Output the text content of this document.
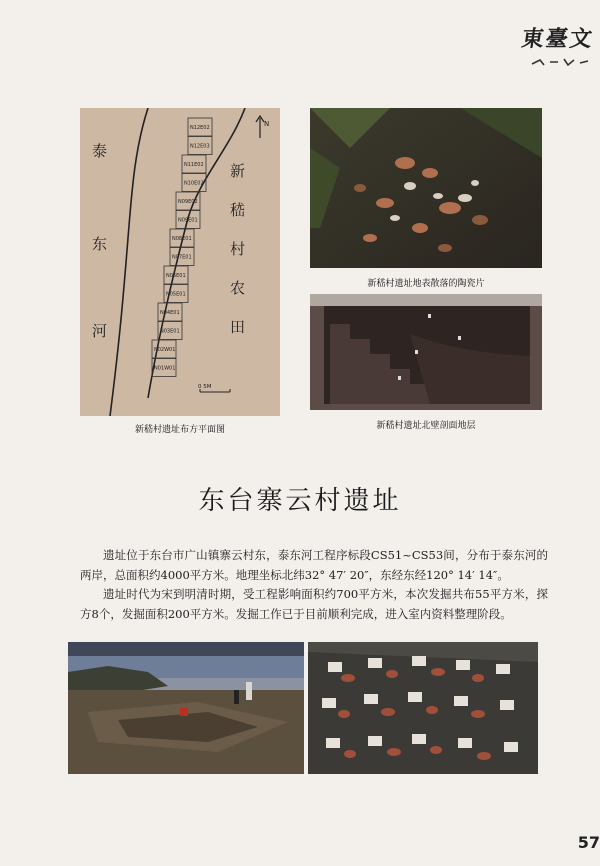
東臺文
N
N12E02
N12E03
N11E02
N10E02
N09E02
N09E01
N08E01
N07E01
N06E01
N05E01
N04E01
N03E01
N02W01
N01W01
0 5M
泰
东
河
新
嵇
村
农
田
新嵇村遗址布方平面图
新嵇村遗址地表散落的陶瓷片
新嵇村遗址北壁剖面地层
东台寨云村遗址

遗址位于东台市广山镇寨云村东，泰东河工程序标段CS51~CS53间，分布于泰东河的两岸，总面积约4000平方米。地理坐标北纬32° 47′ 20″，东经东经120° 14′ 14″。

遗址时代为宋到明清时期，受工程影响面积约700平方米，本次发掘共布55平方米，探方8个，发掘面积200平方米。发掘工作已于目前顺利完成，进入室内资料整理阶段。

57
